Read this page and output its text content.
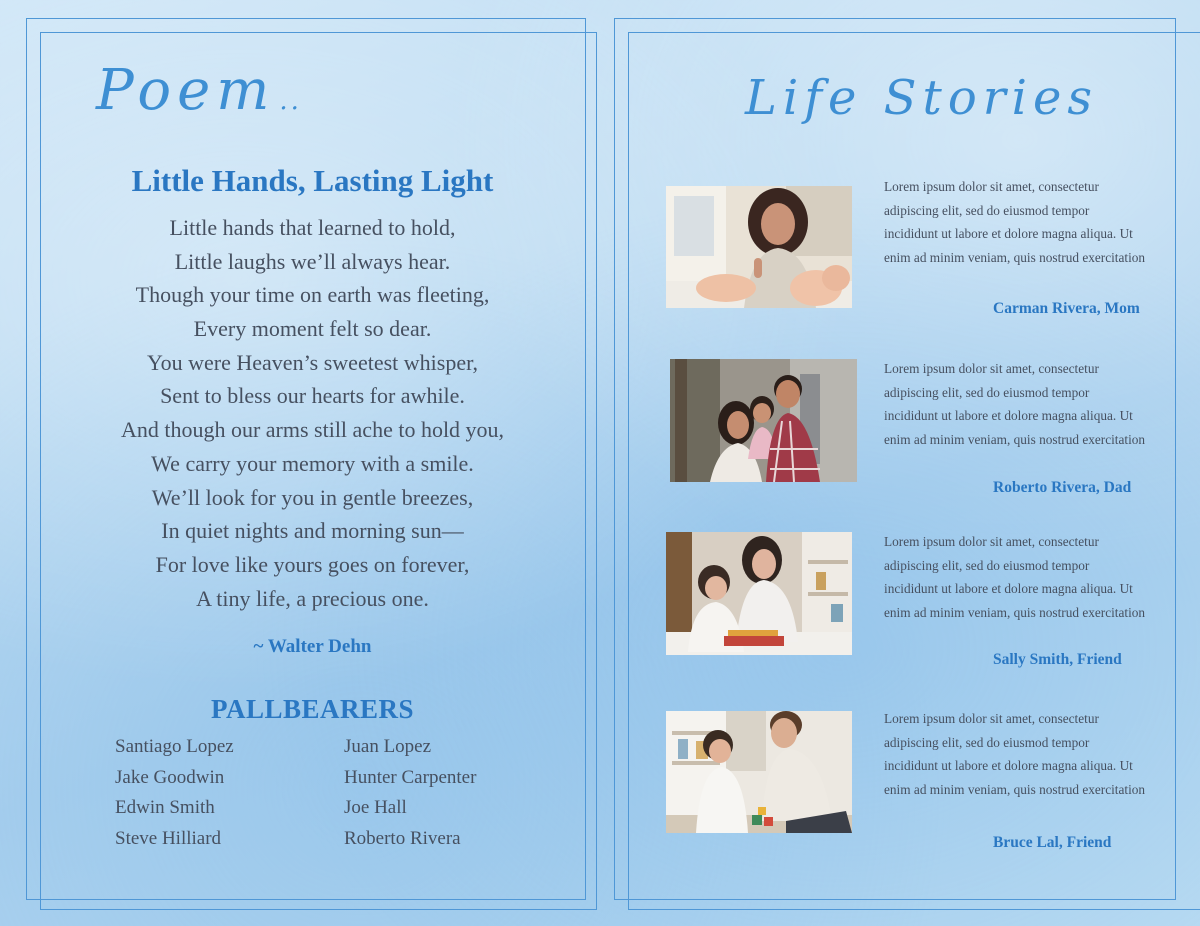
Poem ..
Little Hands, Lasting Light
Little hands that learned to hold,
Little laughs we’ll always hear.
Though your time on earth was fleeting,
Every moment felt so dear.
You were Heaven’s sweetest whisper,
Sent to bless our hearts for awhile.
And though our arms still ache to hold you,
We carry your memory with a smile.
We’ll look for you in gentle breezes,
In quiet nights and morning sun—
For love like yours goes on forever,
A tiny life, a precious one.
~ Walter Dehn
PALLBEARERS
Santiago Lopez
Jake Goodwin
Edwin Smith
Steve Hilliard
Juan Lopez
Hunter Carpenter
Joe Hall
Roberto Rivera
Life Stories
Lorem ipsum dolor sit amet, consectetur adipiscing elit, sed do eiusmod tempor incididunt ut labore et dolore magna aliqua. Ut enim ad minim veniam, quis nostrud exercitation
Carman Rivera, Mom
Lorem ipsum dolor sit amet, consectetur adipiscing elit, sed do eiusmod tempor incididunt ut labore et dolore magna aliqua. Ut enim ad minim veniam, quis nostrud exercitation
Roberto Rivera, Dad
Lorem ipsum dolor sit amet, consectetur adipiscing elit, sed do eiusmod tempor incididunt ut labore et dolore magna aliqua. Ut enim ad minim veniam, quis nostrud exercitation
Sally Smith, Friend
Lorem ipsum dolor sit amet, consectetur adipiscing elit, sed do eiusmod tempor incididunt ut labore et dolore magna aliqua. Ut enim ad minim veniam, quis nostrud exercitation
Bruce Lal, Friend
